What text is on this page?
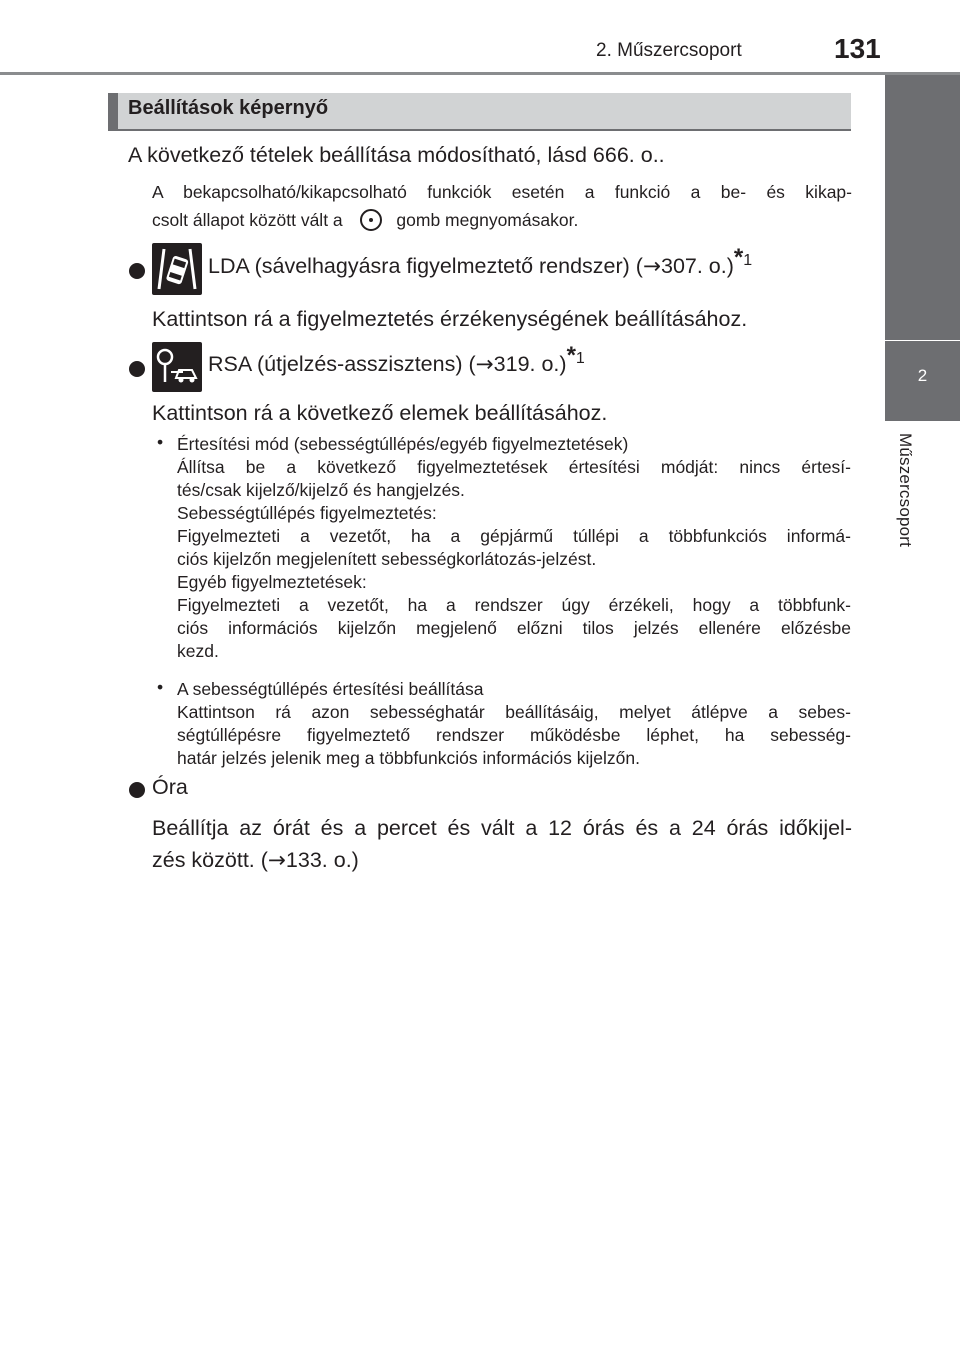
2. Műszercsoport	131
2
Műszercsoport
Beállítások képernyő
A következő tételek beállítása módosítható, lásd 666. o..
A bekapcsolható/kikapcsolható funkciók esetén a funkció a be- és kikap-
csolt állapot között vált a	gomb megnyomásakor.
LDA (sávelhagyásra figyelmeztető rendszer) (→307. o.)$^{*1}$
Kattintson rá a figyelmeztetés érzékenységének beállításához.
RSA (útjelzés-asszisztens) (→319. o.)$^{*1}$
Kattintson rá a következő elemek beállításához.
• Értesítési mód (sebességtúllépés/egyéb figyelmeztetések)
Állítsa be a következő figyelmeztetések értesítési módját: nincs értesí-
tés/csak kijelző/kijelző és hangjelzés.
Sebességtúllépés figyelmeztetés:
Figyelmezteti a vezetőt, ha a gépjármű túllépi a többfunkciós informá-
ciós kijelzőn megjelenített sebességkorlátozás-jelzést.
Egyéb figyelmeztetések:
Figyelmezteti a vezetőt, ha a rendszer úgy érzékeli, hogy a többfunk-
ciós információs kijelzőn megjelenő előzni tilos jelzés ellenére előzésbe
kezd.
• A sebességtúllépés értesítési beállítása
Kattintson rá azon sebességhatár beállításáig, melyet átlépve a sebes-
ségtúllépésre figyelmeztető rendszer működésbe léphet, ha sebesség-
határ jelzés jelenik meg a többfunkciós információs kijelzőn.
Óra
Beállítja az órát és a percet és vált a 12 órás és a 24 órás időkijel-
zés között. (→133. o.)
